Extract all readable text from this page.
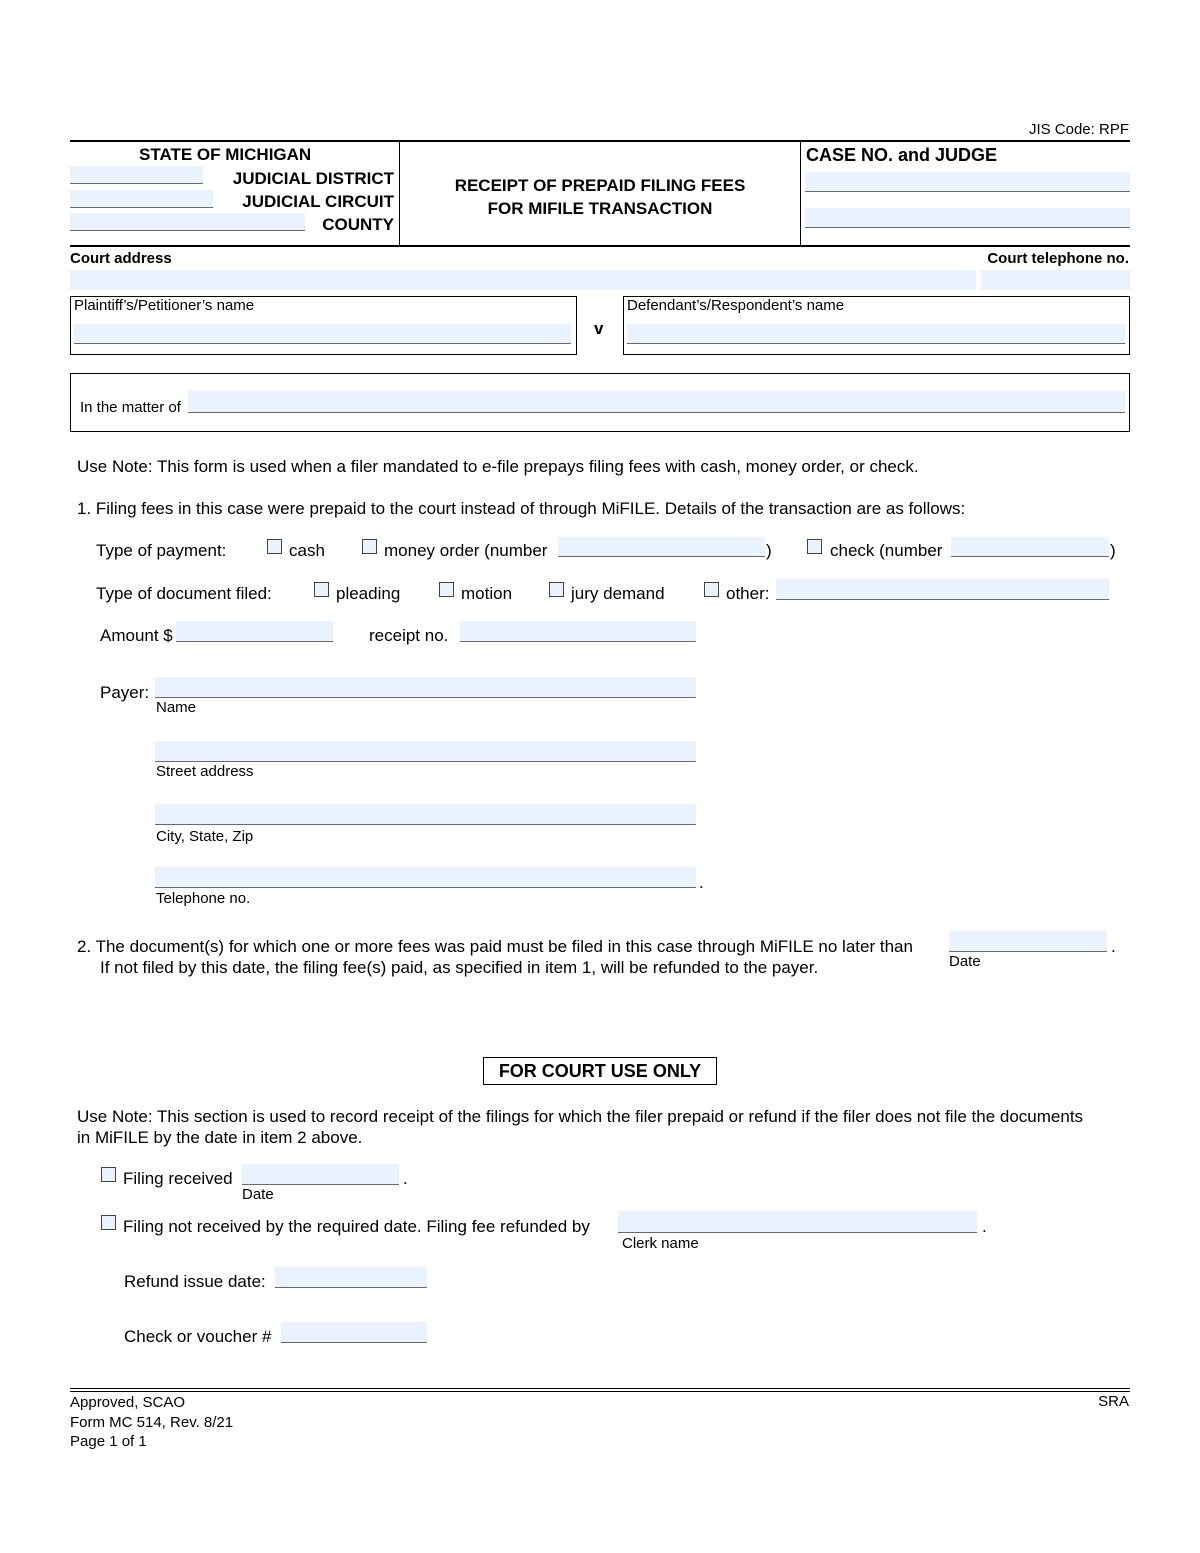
JIS Code: RPF
STATE OF MICHIGAN
JUDICIAL DISTRICT
JUDICIAL CIRCUIT
COUNTY
RECEIPT OF PREPAID FILING FEES
FOR MIFILE TRANSACTION
CASE NO. and JUDGE
Court address	Court telephone no.
Plaintiff’s/Petitioner’s name
v
Defendant’s/Respondent’s name
In the matter of
Use Note: This form is used when a filer mandated to e-file prepays filing fees with cash, money order, or check.
1. Filing fees in this case were prepaid to the court instead of through MiFILE. Details of the transaction are as follows:
Type of payment:	cash	money order (number	)	check (number	)
Type of document filed:	pleading	motion	jury demand	other:
Amount $	receipt no.
Payer:
Name
Street address
City, State, Zip
.
Telephone no.
2. The document(s) for which one or more fees was paid must be filed in this case through MiFILE no later than	.
Date
If not filed by this date, the filing fee(s) paid, as specified in item 1, will be refunded to the payer.
FOR COURT USE ONLY
Use Note: This section is used to record receipt of the filings for which the filer prepaid or refund if the filer does not file the documents
in MiFILE by the date in item 2 above.
Filing received	.
Date
Filing not received by the required date. Filing fee refunded by	.
Clerk name
Refund issue date:
Check or voucher #
Approved, SCAO
Form MC 514, Rev. 8/21
Page 1 of 1
SRA
